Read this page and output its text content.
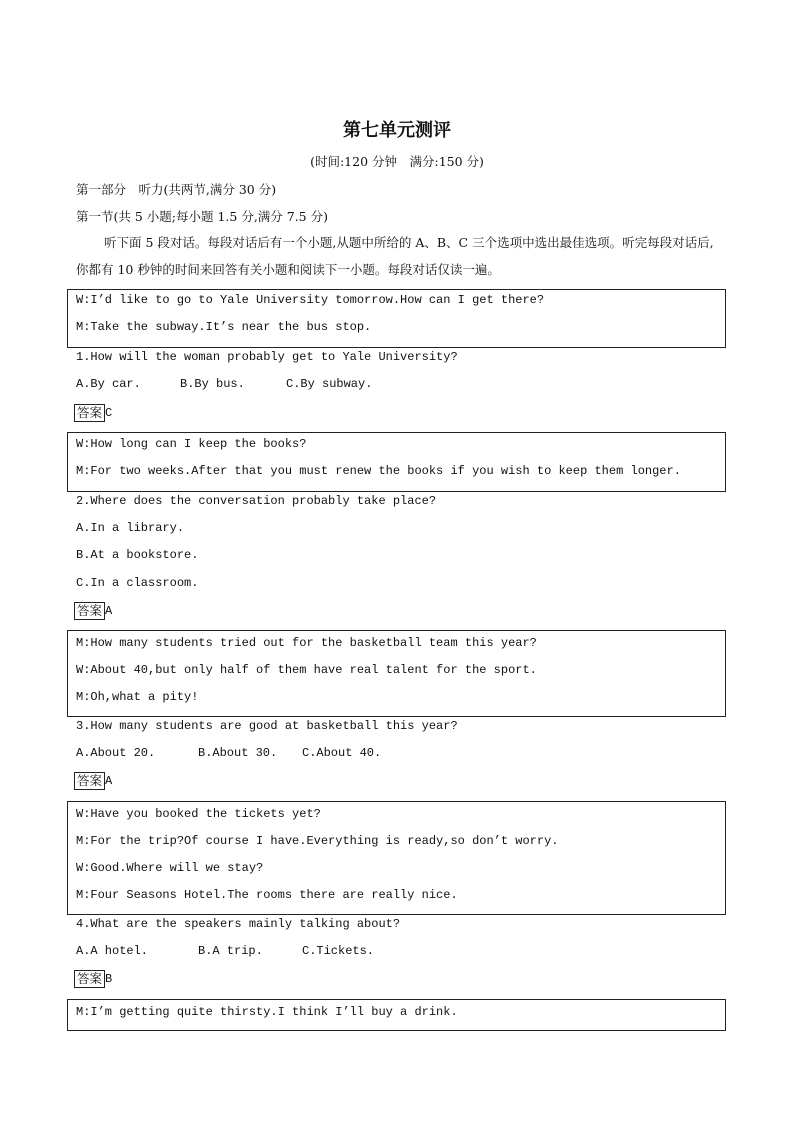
第七单元测评
(时间:120 分钟　满分:150 分)
第一部分　听力(共两节,满分 30 分)
第一节(共 5 小题;每小题 1.5 分,满分 7.5 分)
听下面 5 段对话。每段对话后有一个小题,从题中所给的 A、B、C 三个选项中选出最佳选项。听完每段对话后,你都有 10 秒钟的时间来回答有关小题和阅读下一小题。每段对话仅读一遍。
W:I’d like to go to Yale University tomorrow.How can I get there?
M:Take the subway.It’s near the bus stop.
1.How will the woman probably get to Yale University?
A.By car.	B.By bus.	C.By subway.
答案 C
W:How long can I keep the books?
M:For two weeks.After that you must renew the books if you wish to keep them longer.
2.Where does the conversation probably take place?
A.In a library.
B.At a bookstore.
C.In a classroom.
答案 A
M:How many students tried out for the basketball team this year?
W:About 40,but only half of them have real talent for the sport.
M:Oh,what a pity!
3.How many students are good at basketball this year?
A.About 20.	B.About 30. C.About 40.
答案 A
W:Have you booked the tickets yet?
M:For the trip?Of course I have.Everything is ready,so don’t worry.
W:Good.Where will we stay?
M:Four Seasons Hotel.The rooms there are really nice.
4.What are the speakers mainly talking about?
A.A hotel.	B.A trip.	C.Tickets.
答案 B
M:I’m getting quite thirsty.I think I’ll buy a drink.
